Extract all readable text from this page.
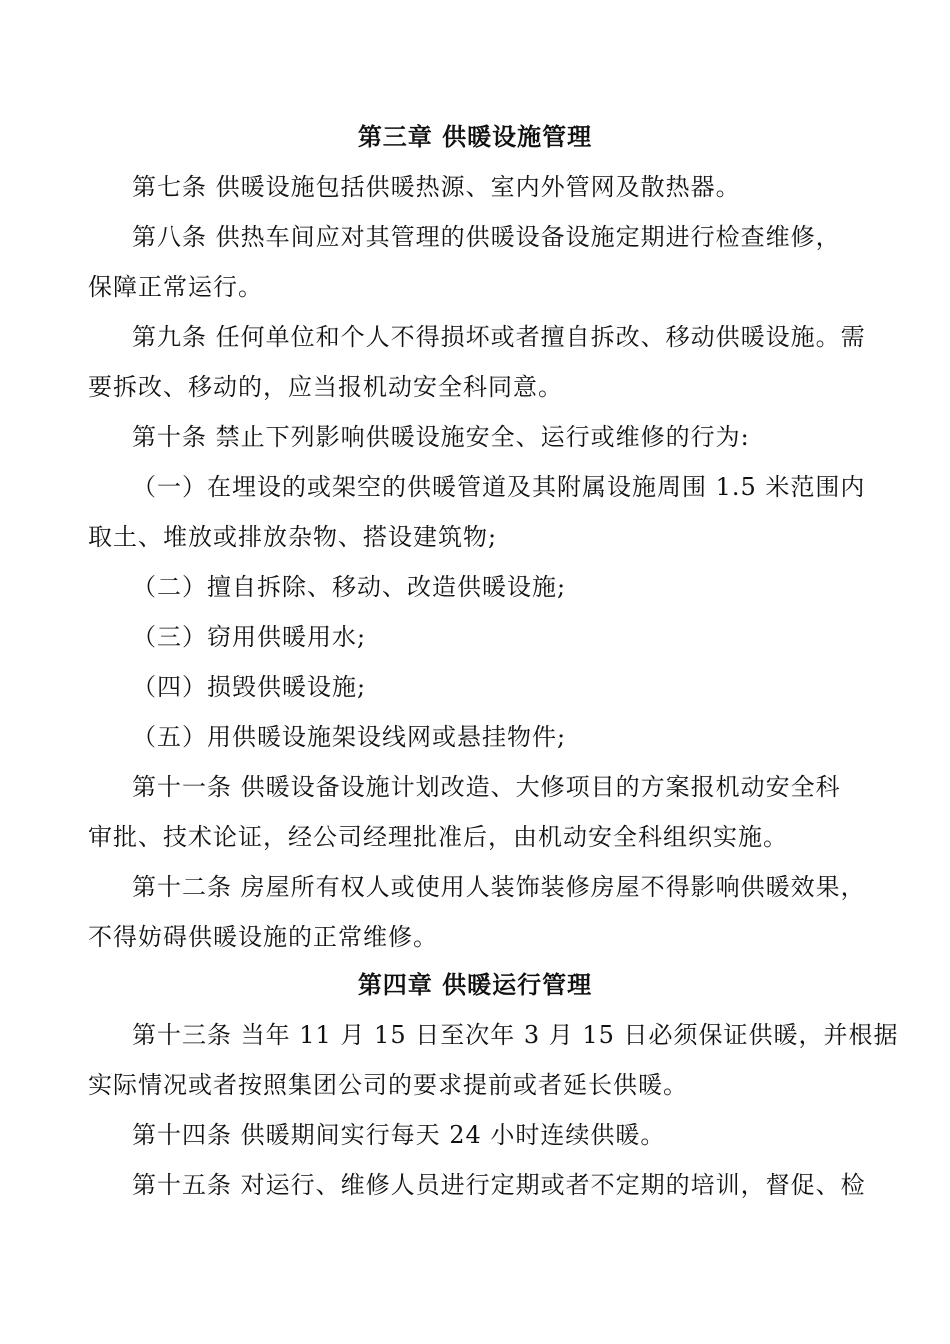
第三章 供暖设施管理
第七条 供暖设施包括供暖热源、室内外管网及散热器。
第八条 供热车间应对其管理的供暖设备设施定期进行检查维修，
保障正常运行。
第九条 任何单位和个人不得损坏或者擅自拆改、移动供暖设施。需
要拆改、移动的，应当报机动安全科同意。
第十条 禁止下列影响供暖设施安全、运行或维修的行为:
（一）在埋设的或架空的供暖管道及其附属设施周围 1.5 米范围内
取土、堆放或排放杂物、搭设建筑物;
（二）擅自拆除、移动、改造供暖设施;
（三）窃用供暖用水;
（四）损毁供暖设施;
（五）用供暖设施架设线网或悬挂物件;
第十一条 供暖设备设施计划改造、大修项目的方案报机动安全科
审批、技术论证，经公司经理批准后，由机动安全科组织实施。
第十二条 房屋所有权人或使用人装饰装修房屋不得影响供暖效果，
不得妨碍供暖设施的正常维修。
第四章 供暖运行管理
第十三条 当年 11 月 15 日至次年 3 月 15 日必须保证供暖，并根据
实际情况或者按照集团公司的要求提前或者延长供暖。
第十四条 供暖期间实行每天 24 小时连续供暖。
第十五条 对运行、维修人员进行定期或者不定期的培训，督促、检
